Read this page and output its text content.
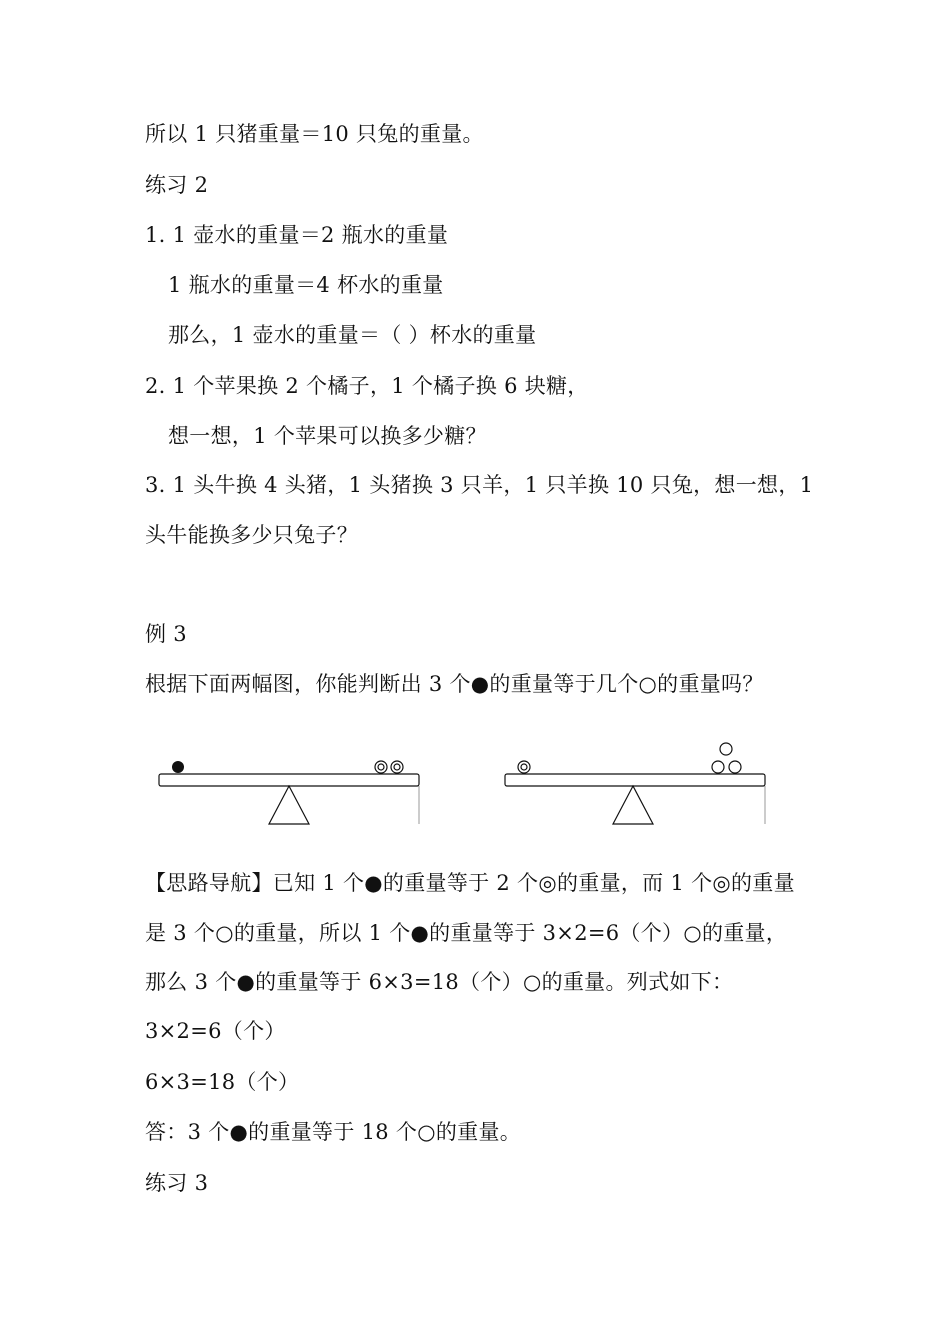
所以 1 只猪重量＝10 只兔的重量。
练习 2
1. 1 壶水的重量＝2 瓶水的重量
1 瓶水的重量＝4 杯水的重量
那么，1 壶水的重量＝（ ）杯水的重量
2. 1 个苹果换 2 个橘子，1 个橘子换 6 块糖，
想一想，1 个苹果可以换多少糖？
3. 1 头牛换 4 头猪，1 头猪换 3 只羊，1 只羊换 10 只兔，想一想，1
头牛能换多少只兔子？
例 3
根据下面两幅图，你能判断出 3 个●的重量等于几个○的重量吗？
【思路导航】已知 1 个●的重量等于 2 个◎的重量，而 1 个◎的重量
是 3 个○的重量，所以 1 个●的重量等于 3×2=6（个）○的重量，
那么 3 个●的重量等于 6×3=18（个）○的重量。列式如下：
3×2=6（个）
6×3=18（个）
答：3 个●的重量等于 18 个○的重量。
练习 3
